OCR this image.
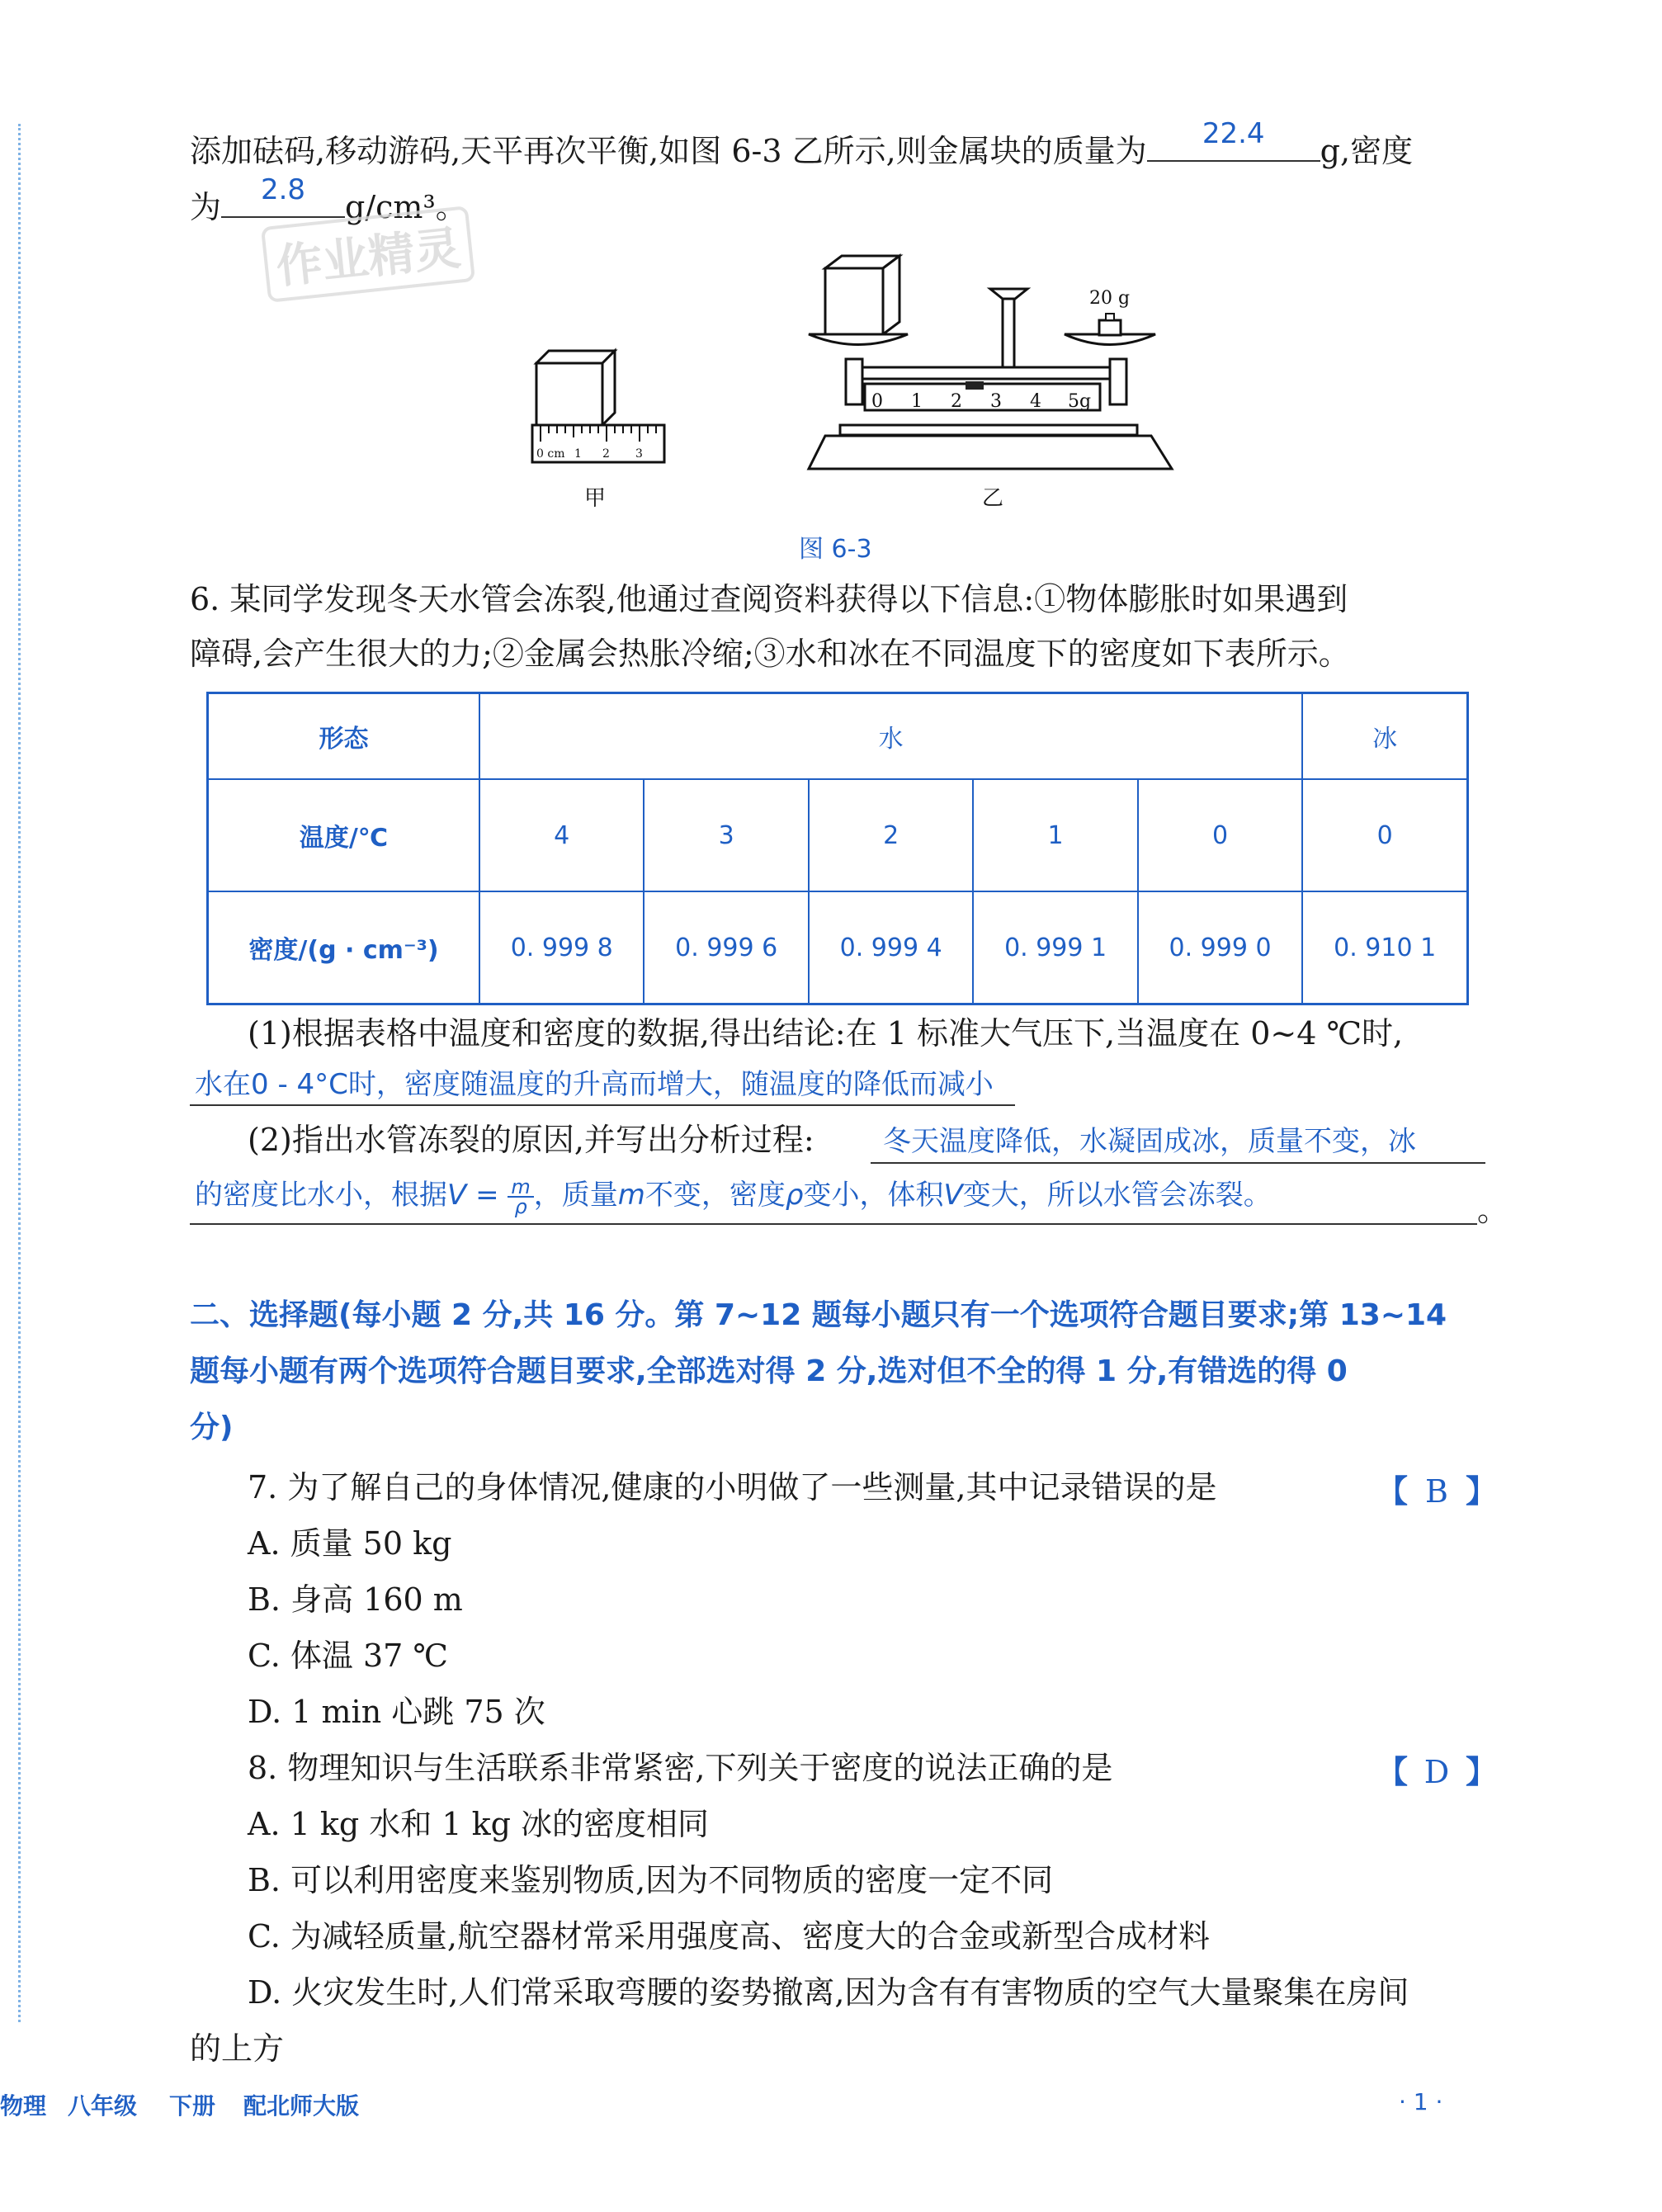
添加砝码,移动游码,天平再次平衡,如图 6-3 乙所示,则金属块的质量为	22.4	g,密度
为	2.8	g/cm³。
作业精灵
0 cm 1 2 3
甲
20 g
0 1 2 3 4 5g
乙
图 6-3
6. 某同学发现冬天水管会冻裂,他通过查阅资料获得以下信息:①物体膨胀时如果遇到
障碍,会产生很大的力;②金属会热胀冷缩;③水和冰在不同温度下的密度如下表所示。
形态	水					冰
温度/℃	4	3	2	1	0	0
密度/(g · cm⁻³)	0. 999 8	0. 999 6	0. 999 4	0. 999 1	0. 999 0	0. 910 1
(1)根据表格中温度和密度的数据,得出结论:在 1 标准大气压下,当温度在 0~4 ℃时,
水在0 - 4°C时，密度随温度的升高而增大，随温度的降低而减小
(2)指出水管冻裂的原因,并写出分析过程: 冬天温度降低，水凝固成冰，质量不变，冰
的密度比水小，根据$V = \frac{m}{\rho}$ ，质量m不变，密度ρ变小，体积V变大，所以水管会冻裂。	。
二、选择题(每小题 2 分,共 16 分。第 7~12 题每小题只有一个选项符合题目要求;第 13~14
题每小题有两个选项符合题目要求,全部选对得 2 分,选对但不全的得 1 分,有错选的得 0
分)
7. 为了解自己的身体情况,健康的小明做了一些测量,其中记录错误的是	【 B 】
A. 质量 50 kg
B. 身高 160 m
C. 体温 37 ℃
D. 1 min 心跳 75 次
8. 物理知识与生活联系非常紧密,下列关于密度的说法正确的是	【 D 】
A. 1 kg 水和 1 kg 冰的密度相同
B. 可以利用密度来鉴别物质,因为不同物质的密度一定不同
C. 为减轻质量,航空器材常采用强度高、密度大的合金或新型合成材料
D. 火灾发生时,人们常采取弯腰的姿势撤离,因为含有有害物质的空气大量聚集在房间
的上方
物理 八年级 下册 配北师大版	· 1 ·
